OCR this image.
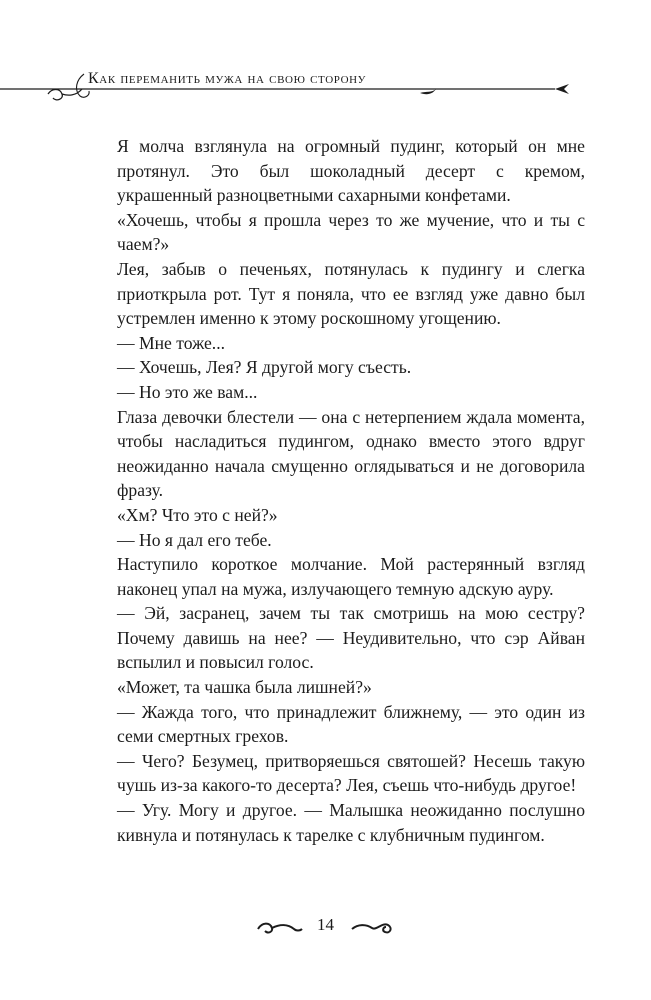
Как переманить мужа на свою сторону

Я молча взглянула на огромный пудинг, который он мне протянул. Это был шоколадный десерт с кремом, украшенный разноцветными сахарными конфетами.

«Хочешь, чтобы я прошла через то же мучение, что и ты с чаем?»

Лея, забыв о печеньях, потянулась к пудингу и слегка приоткрыла рот. Тут я поняла, что ее взгляд уже давно был устремлен именно к этому роскошному угощению.

— Мне тоже...

— Хочешь, Лея? Я другой могу съесть.

— Но это же вам...

Глаза девочки блестели — она с нетерпением ждала момента, чтобы насладиться пудингом, однако вместо этого вдруг неожиданно начала смущенно оглядываться и не договорила фразу.

«Хм? Что это с ней?»

— Но я дал его тебе.

Наступило короткое молчание. Мой растерянный взгляд наконец упал на мужа, излучающего темную адскую ауру.

— Эй, засранец, зачем ты так смотришь на мою сестру? Почему давишь на нее? — Неудивительно, что сэр Айван вспылил и повысил голос.

«Может, та чашка была лишней?»

— Жажда того, что принадлежит ближнему, — это один из семи смертных грехов.

— Чего? Безумец, притворяешься святошей? Несешь такую чушь из-за какого-то десерта? Лея, съешь что-нибудь другое!

— Угу. Могу и другое. — Малышка неожиданно послушно кивнула и потянулась к тарелке с клубничным пудингом.

14
